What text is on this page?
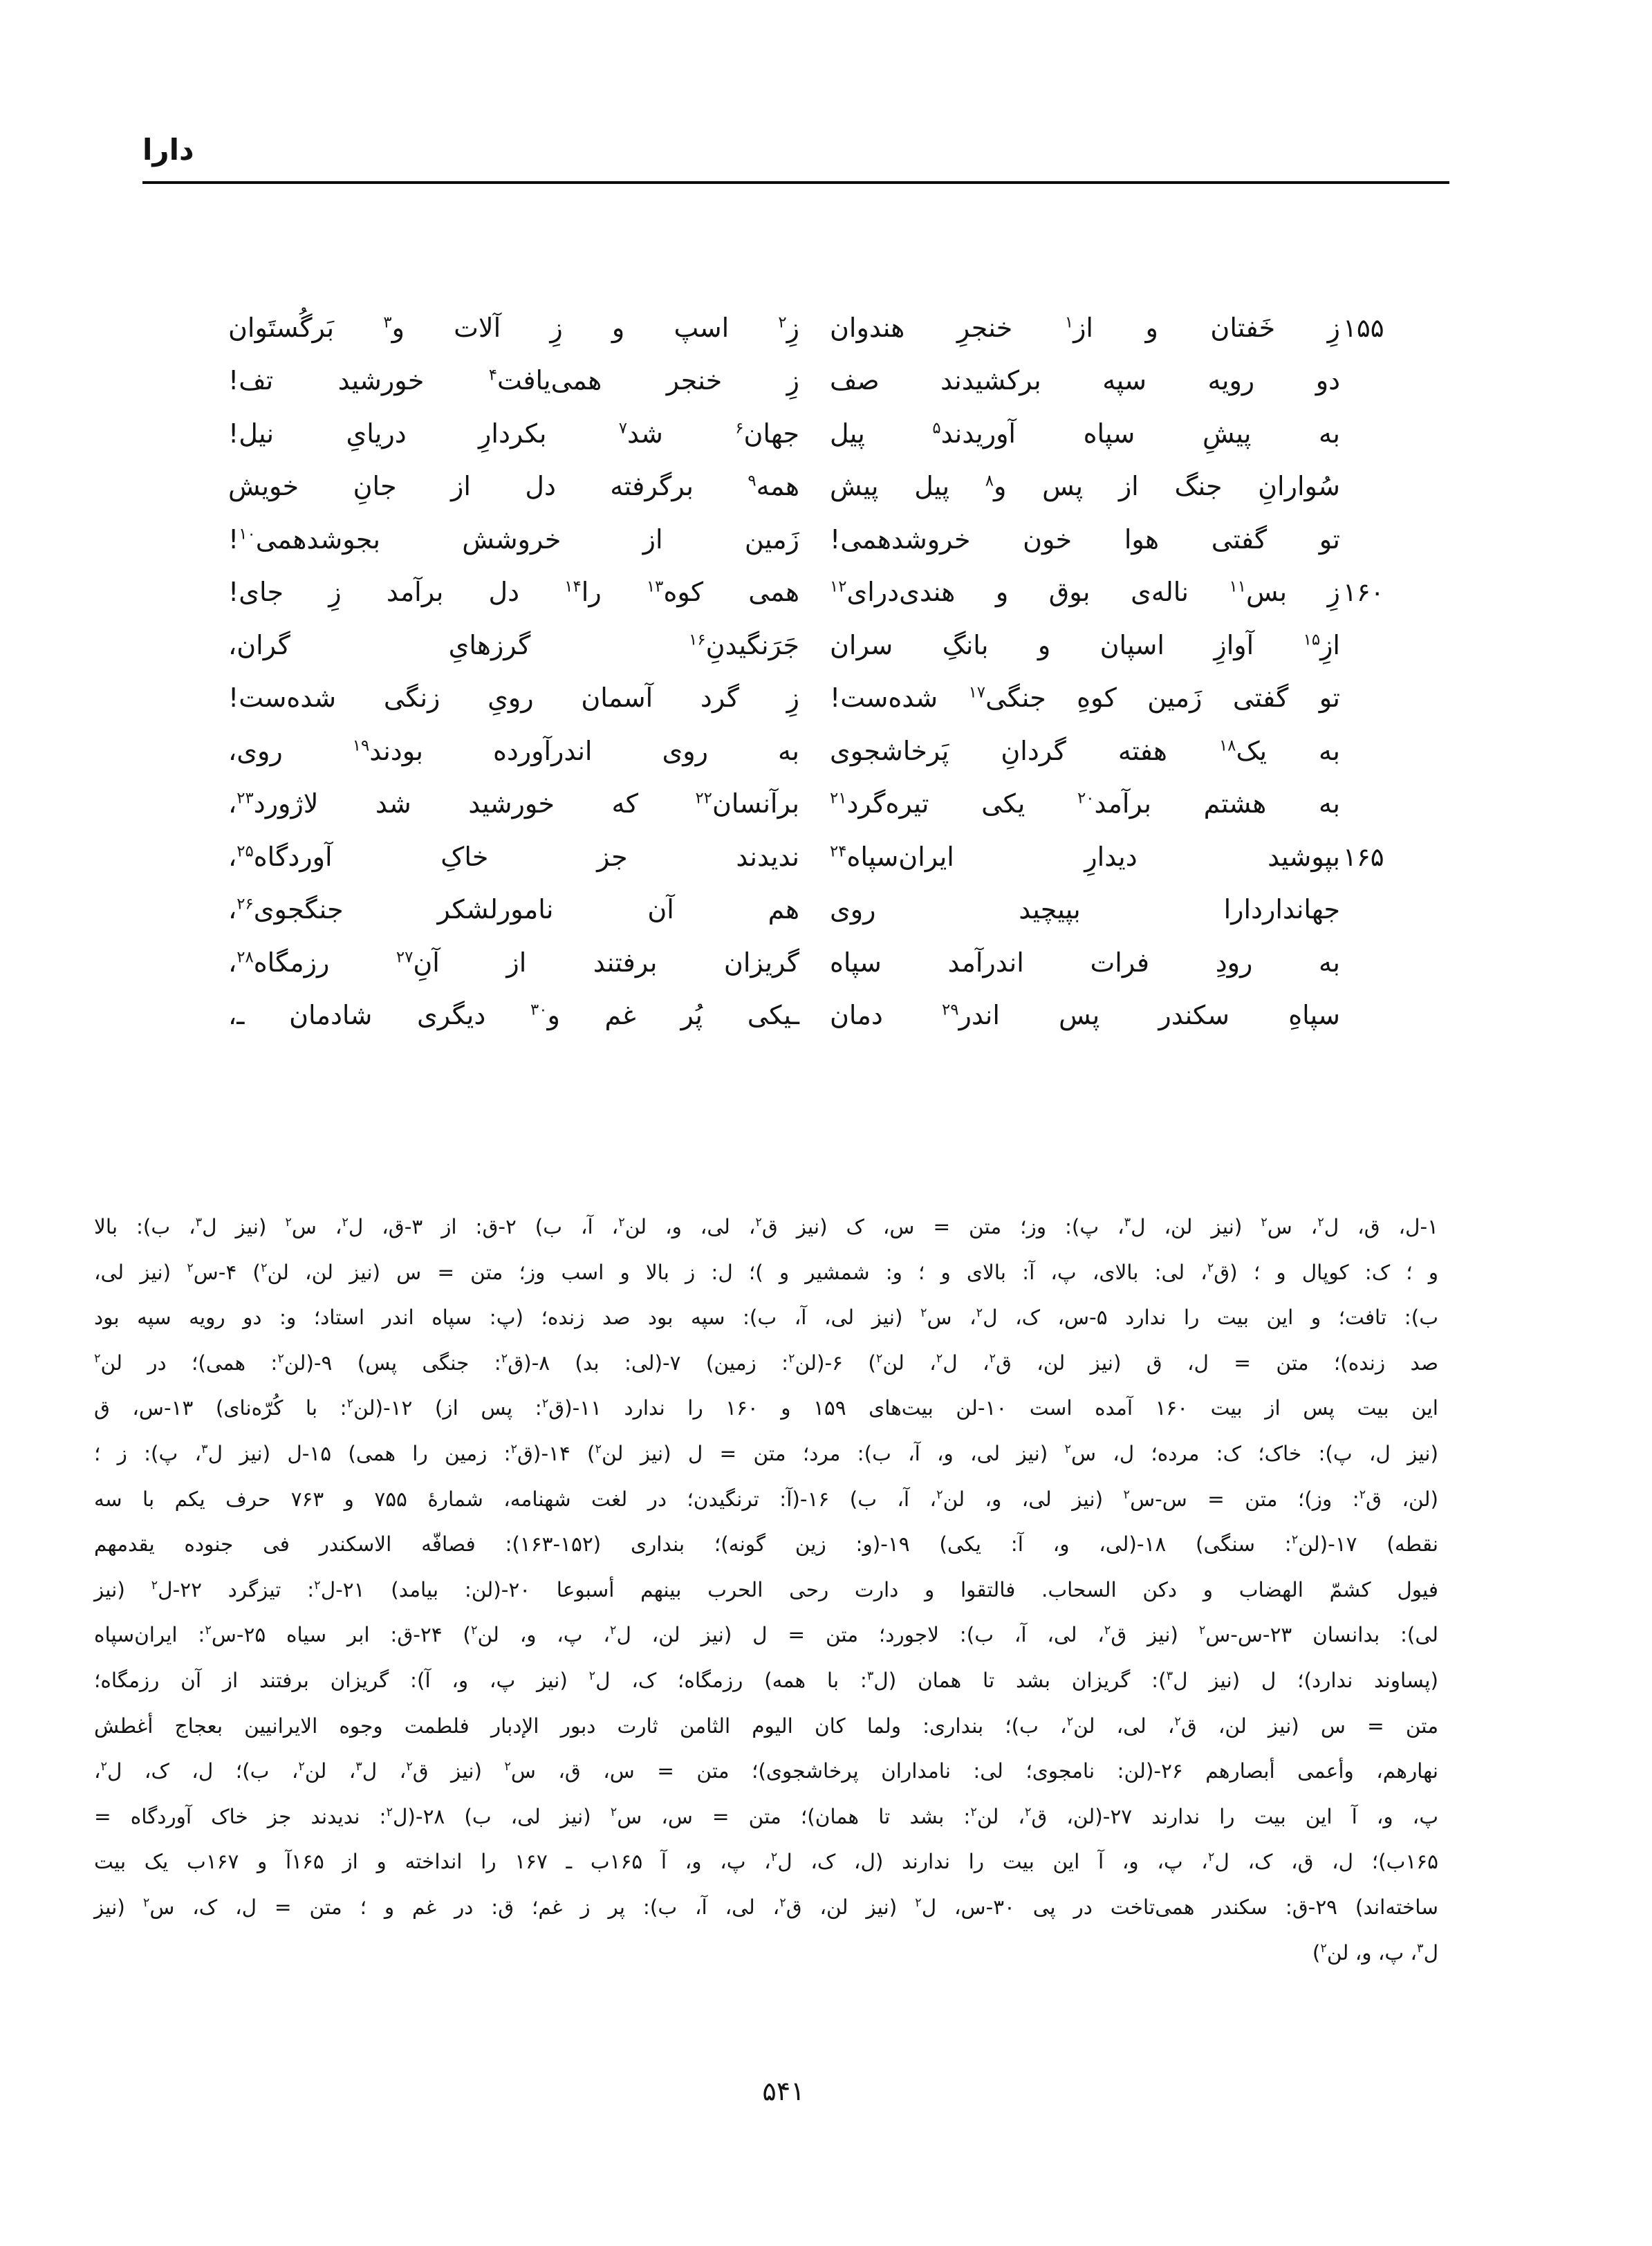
دارا
۱۵۵
زِ خَفتان و از$^۱$ خنجرِ هندوان
زِ$^۲$ اسپ و زِ آلات و$^۳$ بَرگُستَوان
دو رویه سپه برکشیدند صف
زِ خنجر همی‌یافت$^۴$ خورشید تف!
به پیشِ سپاه آوریدند$^۵$ پیل
جهان$^۶$ شد$^۷$ بکردارِ دریایِ نیل!
سُوارانِ جنگ از پس و$^۸$ پیل پیش
همه$^۹$ برگرفته دل از جانِ خویش
تو گفتی هوا خون خروشدهمی!
زَمین از خروشش بجوشدهمی$^{۱۰}$!
۱۶۰
زِ بس$^{۱۱}$ ناله‌ی بوق و هندی‌درای$^{۱۲}$
همی کوه$^{۱۳}$ را$^{۱۴}$ دل برآمد زِ جای!
ازِ$^{۱۵}$ آوازِ اسپان و بانگِ سران
جَرَنگیدنِ$^{۱۶}$ گرزهایِ گران،
تو گفتی زَمین کوهِ جنگی$^{۱۷}$ شده‌ست!
زِ گرد آسمان رویِ زنگی شده‌ست!
به یک$^{۱۸}$ هفته گردانِ پَرخاشجوی
به روی اندرآورده بودند$^{۱۹}$ روی،
به هشتم برآمد$^{۲۰}$ یکی تیره‌گرد$^{۲۱}$
برآنسان$^{۲۲}$ که خورشید شد لاژورد$^{۲۳}$،
۱۶۵
بپوشید دیدارِ ایران‌سپاه$^{۲۴}$
ندیدند جز خاکِ آوردگاه$^{۲۵}$،
جهاندار‌دارا بپیچید روی
هم آن نامور‌لشکر جنگجوی$^{۲۶}$،
به رودِ فرات اندرآمد سپاه
گریزان برفتند از آنِ$^{۲۷}$ رزمگاه$^{۲۸}$،
سپاهِ سکندر پس اندر$^{۲۹}$ دمان
ـیکی پُر غم و$^{۳۰}$ دیگری شادمان ـ،
۱-ل، ق، ل$^۲$، س$^۲$ (نیز لن، ل$^۳$، پ): وز؛ متن = س، ک (نیز ق$^۲$، لی، و، لن$^۲$، آ، ب) ۲-ق: از ۳-ق، ل$^۲$، س$^۲$ (نیز ل$^۳$، ب): بالا
و ؛ ک: کوپال و ؛ (ق$^۲$، لی: بالای، پ، آ: بالای و ؛ و: شمشیر و )؛ ل: ز بالا و اسب وز؛ متن = س (نیز لن، لن$^۲$) ۴-س$^۲$ (نیز لی،
ب): تافت؛ و این بیت را ندارد ۵-س، ک، ل$^۲$، س$^۲$ (نیز لی، آ، ب): سپه بود صد زنده؛ (پ: سپاه اندر استاد؛ و: دو رویه سپه بود
صد زنده)؛ متن = ل، ق (نیز لن، ق$^۲$، ل$^۲$، لن$^۲$) ۶-(لن$^۲$: زمین) ۷-(لی: بد) ۸-(ق$^۲$: جنگی پس) ۹-(لن$^۲$: همی)؛ در لن$^۲$
این بیت پس از بیت ۱۶۰ آمده است ۱۰-لن بیت‌های ۱۵۹ و ۱۶۰ را ندارد ۱۱-(ق$^۲$: پس از) ۱۲-(لن$^۲$: با کُرّه‌نای) ۱۳-س، ق
(نیز ل، پ): خاک؛ ک: مرده؛ ل، س$^۲$ (نیز لی، و، آ، ب): مرد؛ متن = ل (نیز لن$^۲$) ۱۴-(ق$^۲$: زمین را همی) ۱۵-ل (نیز ل$^۳$، پ): ز ؛
(لن، ق$^۲$: وز)؛ متن = س-س$^۲$ (نیز لی، و، لن$^۲$، آ، ب) ۱۶-(آ: ترنگیدن؛ در لغت شهنامه، شمارهٔ ۷۵۵ و ۷۶۳ حرف یکم با سه
نقطه) ۱۷-(لن$^۲$: سنگی) ۱۸-(لی، و، آ: یکی) ۱۹-(و: زین گونه)؛ بنداری (۱۵۲-۱۶۳): فصافّه الاسکندر فی جنوده یقدمهم
فیول کشمّ الهضاب و دکن السحاب. فالتقوا و دارت رحی الحرب بینهم أسبوعا ۲۰-(لن: بیامد) ۲۱-ل$^۲$: تیزگرد ۲۲-ل$^۲$ (نیز
لی): بدانسان ۲۳-س-س$^۲$ (نیز ق$^۲$، لی، آ، ب): لاجورد؛ متن = ل (نیز لن، ل$^۲$، پ، و، لن$^۲$) ۲۴-ق: ابر سیاه ۲۵-س$^۲$: ایران‌سپاه
(پساوند ندارد)؛ ل (نیز ل$^۳$): گریزان بشد تا همان (ل$^۳$: با همه) رزمگاه؛ ک، ل$^۲$ (نیز پ، و، آ): گریزان برفتند از آن رزمگاه؛
متن = س (نیز لن، ق$^۲$، لی، لن$^۲$، ب)؛ بنداری: ولما کان الیوم الثامن ثارت دبور الإدبار فلطمت وجوه الایرانیین بعجاج أغطش
نهارهم، وأعمی أبصارهم ۲۶-(لن: نامجوی؛ لی: نامداران پرخاشجوی)؛ متن = س، ق، س$^۲$ (نیز ق$^۲$، ل$^۳$، لن$^۲$، ب)؛ ل، ک، ل$^۲$،
پ، و، آ این بیت را ندارند ۲۷-(لن، ق$^۲$، لن$^۲$: بشد تا همان)؛ متن = س، س$^۲$ (نیز لی، ب) ۲۸-(ل$^۲$: ندیدند جز خاک آوردگاه =
۱۶۵ب)؛ ل، ق، ک، ل$^۲$، پ، و، آ این بیت را ندارند (ل، ک، ل$^۲$، پ، و، آ ۱۶۵ب ـ ۱۶۷ را انداخته و از ۱۶۵آ و ۱۶۷ب یک بیت
ساخته‌اند) ۲۹-ق: سکندر همی‌تاخت در پی ۳۰-س، ل$^۲$ (نیز لن، ق$^۲$، لی، آ، ب): پر ز غم؛ ق: در غم و ؛ متن = ل، ک، س$^۲$ (نیز
ل$^۳$، پ، و، لن$^۲$)
۵۴۱
